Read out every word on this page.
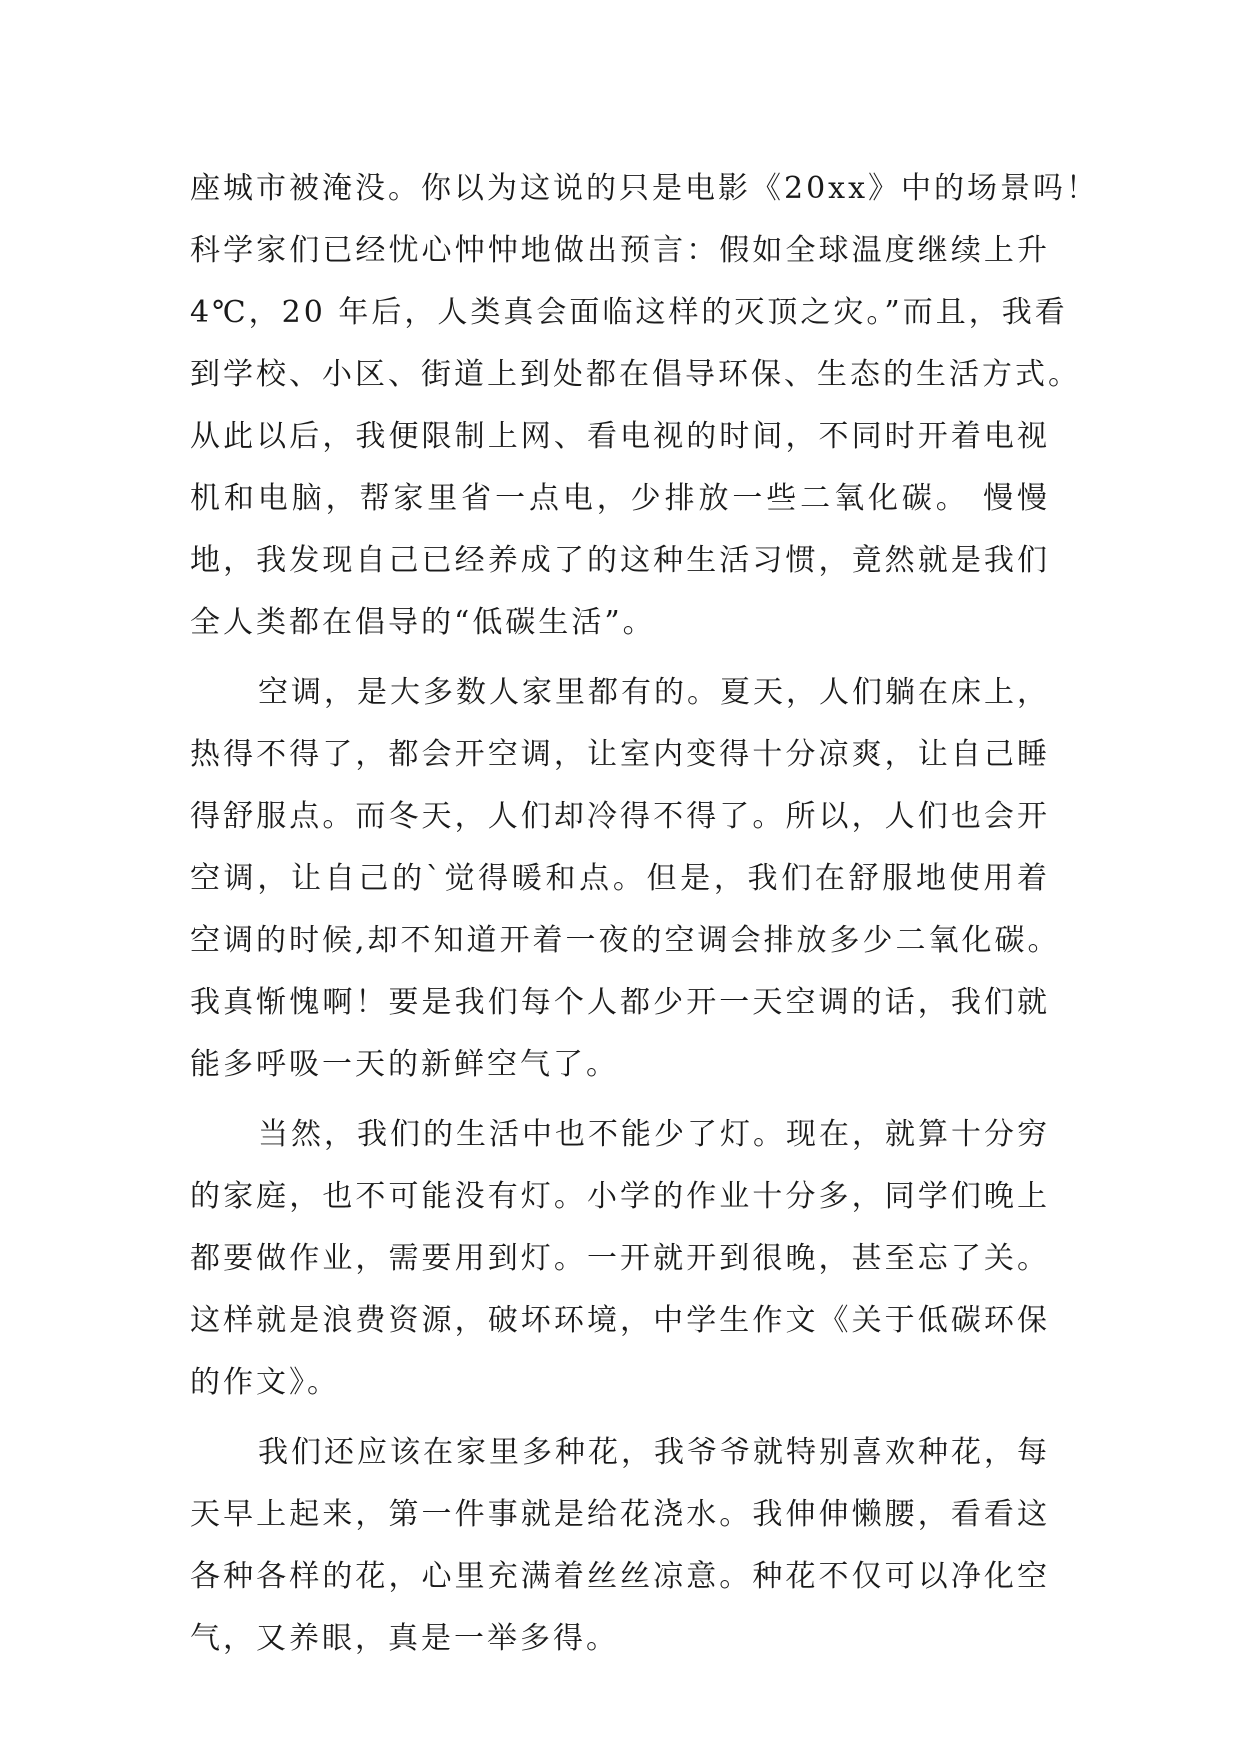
座城市被淹没。你以为这说的只是电影《20xx》中的场景吗！
科学家们已经忧心忡忡地做出预言：假如全球温度继续上升
4℃，20 年后，人类真会面临这样的灭顶之灾。”而且，我看
到学校、小区、街道上到处都在倡导环保、生态的生活方式。
从此以后，我便限制上网、看电视的时间，不同时开着电视
机和电脑，帮家里省一点电，少排放一些二氧化碳。 慢慢
地，我发现自己已经养成了的这种生活习惯，竟然就是我们
全人类都在倡导的“低碳生活”。
空调，是大多数人家里都有的。夏天，人们躺在床上，
热得不得了，都会开空调，让室内变得十分凉爽，让自己睡
得舒服点。而冬天，人们却冷得不得了。所以，人们也会开
空调，让自己的`觉得暖和点。但是，我们在舒服地使用着
空调的时候,却不知道开着一夜的空调会排放多少二氧化碳。
我真惭愧啊！要是我们每个人都少开一天空调的话，我们就
能多呼吸一天的新鲜空气了。
当然，我们的生活中也不能少了灯。现在，就算十分穷
的家庭，也不可能没有灯。小学的作业十分多，同学们晚上
都要做作业，需要用到灯。一开就开到很晚，甚至忘了关。
这样就是浪费资源，破坏环境，中学生作文《关于低碳环保
的作文》。
我们还应该在家里多种花，我爷爷就特别喜欢种花，每
天早上起来，第一件事就是给花浇水。我伸伸懒腰，看看这
各种各样的花，心里充满着丝丝凉意。种花不仅可以净化空
气，又养眼，真是一举多得。
